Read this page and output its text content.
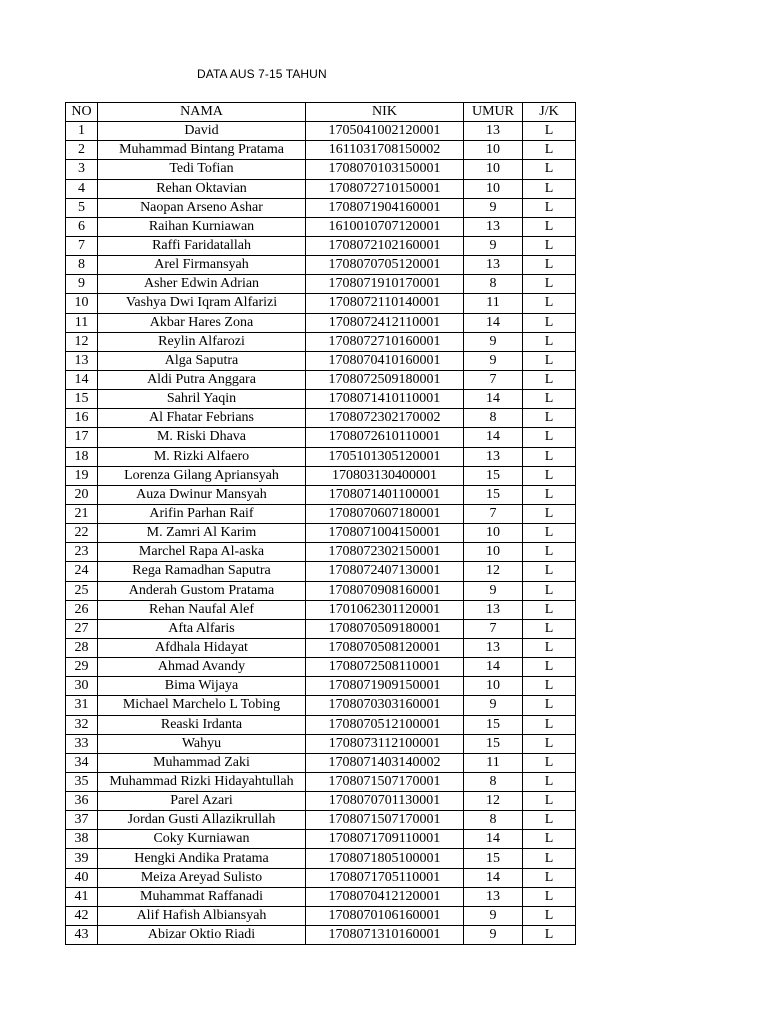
DATA AUS 7-15 TAHUN
NO	NAMA	NIK	UMUR	J/K
1	David	1705041002120001	13	L
2	Muhammad Bintang Pratama	1611031708150002	10	L
3	Tedi Tofian	1708070103150001	10	L
4	Rehan Oktavian	1708072710150001	10	L
5	Naopan Arseno Ashar	1708071904160001	9	L
6	Raihan Kurniawan	1610010707120001	13	L
7	Raffi Faridatallah	1708072102160001	9	L
8	Arel Firmansyah	1708070705120001	13	L
9	Asher Edwin Adrian	1708071910170001	8	L
10	Vashya Dwi Iqram Alfarizi	1708072110140001	11	L
11	Akbar Hares Zona	1708072412110001	14	L
12	Reylin Alfarozi	1708072710160001	9	L
13	Alga Saputra	1708070410160001	9	L
14	Aldi Putra Anggara	1708072509180001	7	L
15	Sahril Yaqin	1708071410110001	14	L
16	Al Fhatar Febrians	1708072302170002	8	L
17	M. Riski Dhava	1708072610110001	14	L
18	M. Rizki Alfaero	1705101305120001	13	L
19	Lorenza Gilang Apriansyah	170803130400001	15	L
20	Auza Dwinur Mansyah	1708071401100001	15	L
21	Arifin Parhan Raif	1708070607180001	7	L
22	M. Zamri Al Karim	1708071004150001	10	L
23	Marchel Rapa Al-aska	1708072302150001	10	L
24	Rega Ramadhan Saputra	1708072407130001	12	L
25	Anderah Gustom Pratama	1708070908160001	9	L
26	Rehan Naufal Alef	1701062301120001	13	L
27	Afta Alfaris	1708070509180001	7	L
28	Afdhala Hidayat	1708070508120001	13	L
29	Ahmad Avandy	1708072508110001	14	L
30	Bima Wijaya	1708071909150001	10	L
31	Michael Marchelo L Tobing	1708070303160001	9	L
32	Reaski Irdanta	1708070512100001	15	L
33	Wahyu	1708073112100001	15	L
34	Muhammad Zaki	1708071403140002	11	L
35	Muhammad Rizki Hidayahtullah	1708071507170001	8	L
36	Parel Azari	1708070701130001	12	L
37	Jordan Gusti Allazikrullah	1708071507170001	8	L
38	Coky Kurniawan	1708071709110001	14	L
39	Hengki Andika Pratama	1708071805100001	15	L
40	Meiza Areyad Sulisto	1708071705110001	14	L
41	Muhammat Raffanadi	1708070412120001	13	L
42	Alif Hafish Albiansyah	1708070106160001	9	L
43	Abizar Oktio Riadi	1708071310160001	9	L
